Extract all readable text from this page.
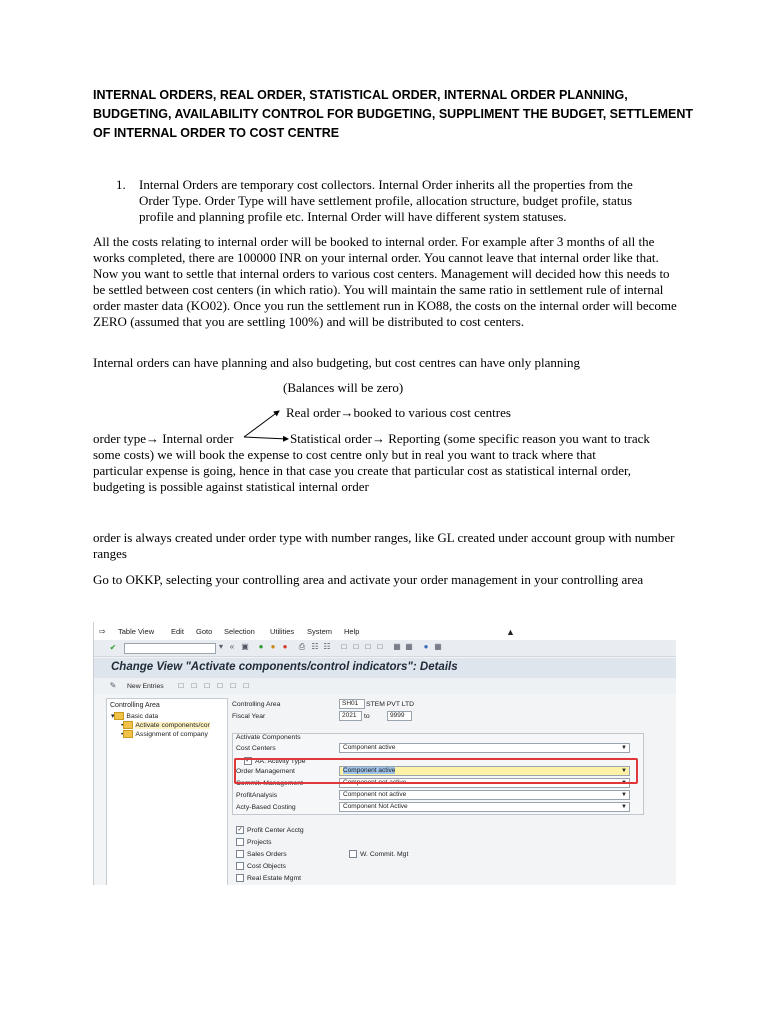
INTERNAL ORDERS, REAL ORDER, STATISTICAL ORDER, INTERNAL ORDER PLANNING, BUDGETING, AVAILABILITY CONTROL FOR BUDGETING, SUPPLIMENT THE BUDGET, SETTLEMENT OF INTERNAL ORDER TO COST CENTRE
1. Internal Orders are temporary cost collectors. Internal Order inherits all the properties from the Order Type. Order Type will have settlement profile, allocation structure, budget profile, status profile and planning profile etc. Internal Order will have different system statuses.
All the costs relating to internal order will be booked to internal order. For example after 3 months of all the works completed, there are 100000 INR on your internal order. You cannot leave that internal order like that. Now you want to settle that internal orders to various cost centers. Management will decided how this needs to be settled between cost centers (in which ratio). You will maintain the same ratio in settlement rule of internal order master data (KO02). Once you run the settlement run in KO88, the costs on the internal order will become ZERO (assumed that you are settling 100%) and will be distributed to cost centers.
Internal orders can have planning and also budgeting, but cost centres can have only planning
(Balances will be zero)
Real order→booked to various cost centres
order type→ Internal order	Statistical order→ Reporting (some specific reason you want to track
some costs) we will book the expense to cost centre only but in real you want to track where that
particular expense is going, hence in that case you create that particular cost as statistical internal order,
budgeting is possible against statistical internal order
order is always created under order type with number ranges, like GL created under account group with number ranges
Go to OKKP, selecting your controlling area and activate your order management in your controlling area
⇨ Table View Edit Goto Selection Utilities System Help	▲
✔	▾ « ▣	● ● ●	⎙ ☷ ☷	□ □ □ □	▦ ▦	● ▦
Change View "Activate components/control indicators": Details
✎ New Entries	□	□	□	□	□	□
Controlling Area
▾ Basic data
• Activate components/cor
• Assignment of company
Controlling Area	SH01	STEM PVT LTD
Fiscal Year	2021	to	9999
Activate Components
Cost Centers	Component active	▼
✓ AA: Activity Type
Order Management	Component active	▼
Commit. Management	Component not active	▼
ProfitAnalysis	Component not active	▼
Acty-Based Costing	Component Not Active	▼
✓ Profit Center Acctg
Projects
Sales Orders	W. Commit. Mgt
Cost Objects
Real Estate Mgmt
